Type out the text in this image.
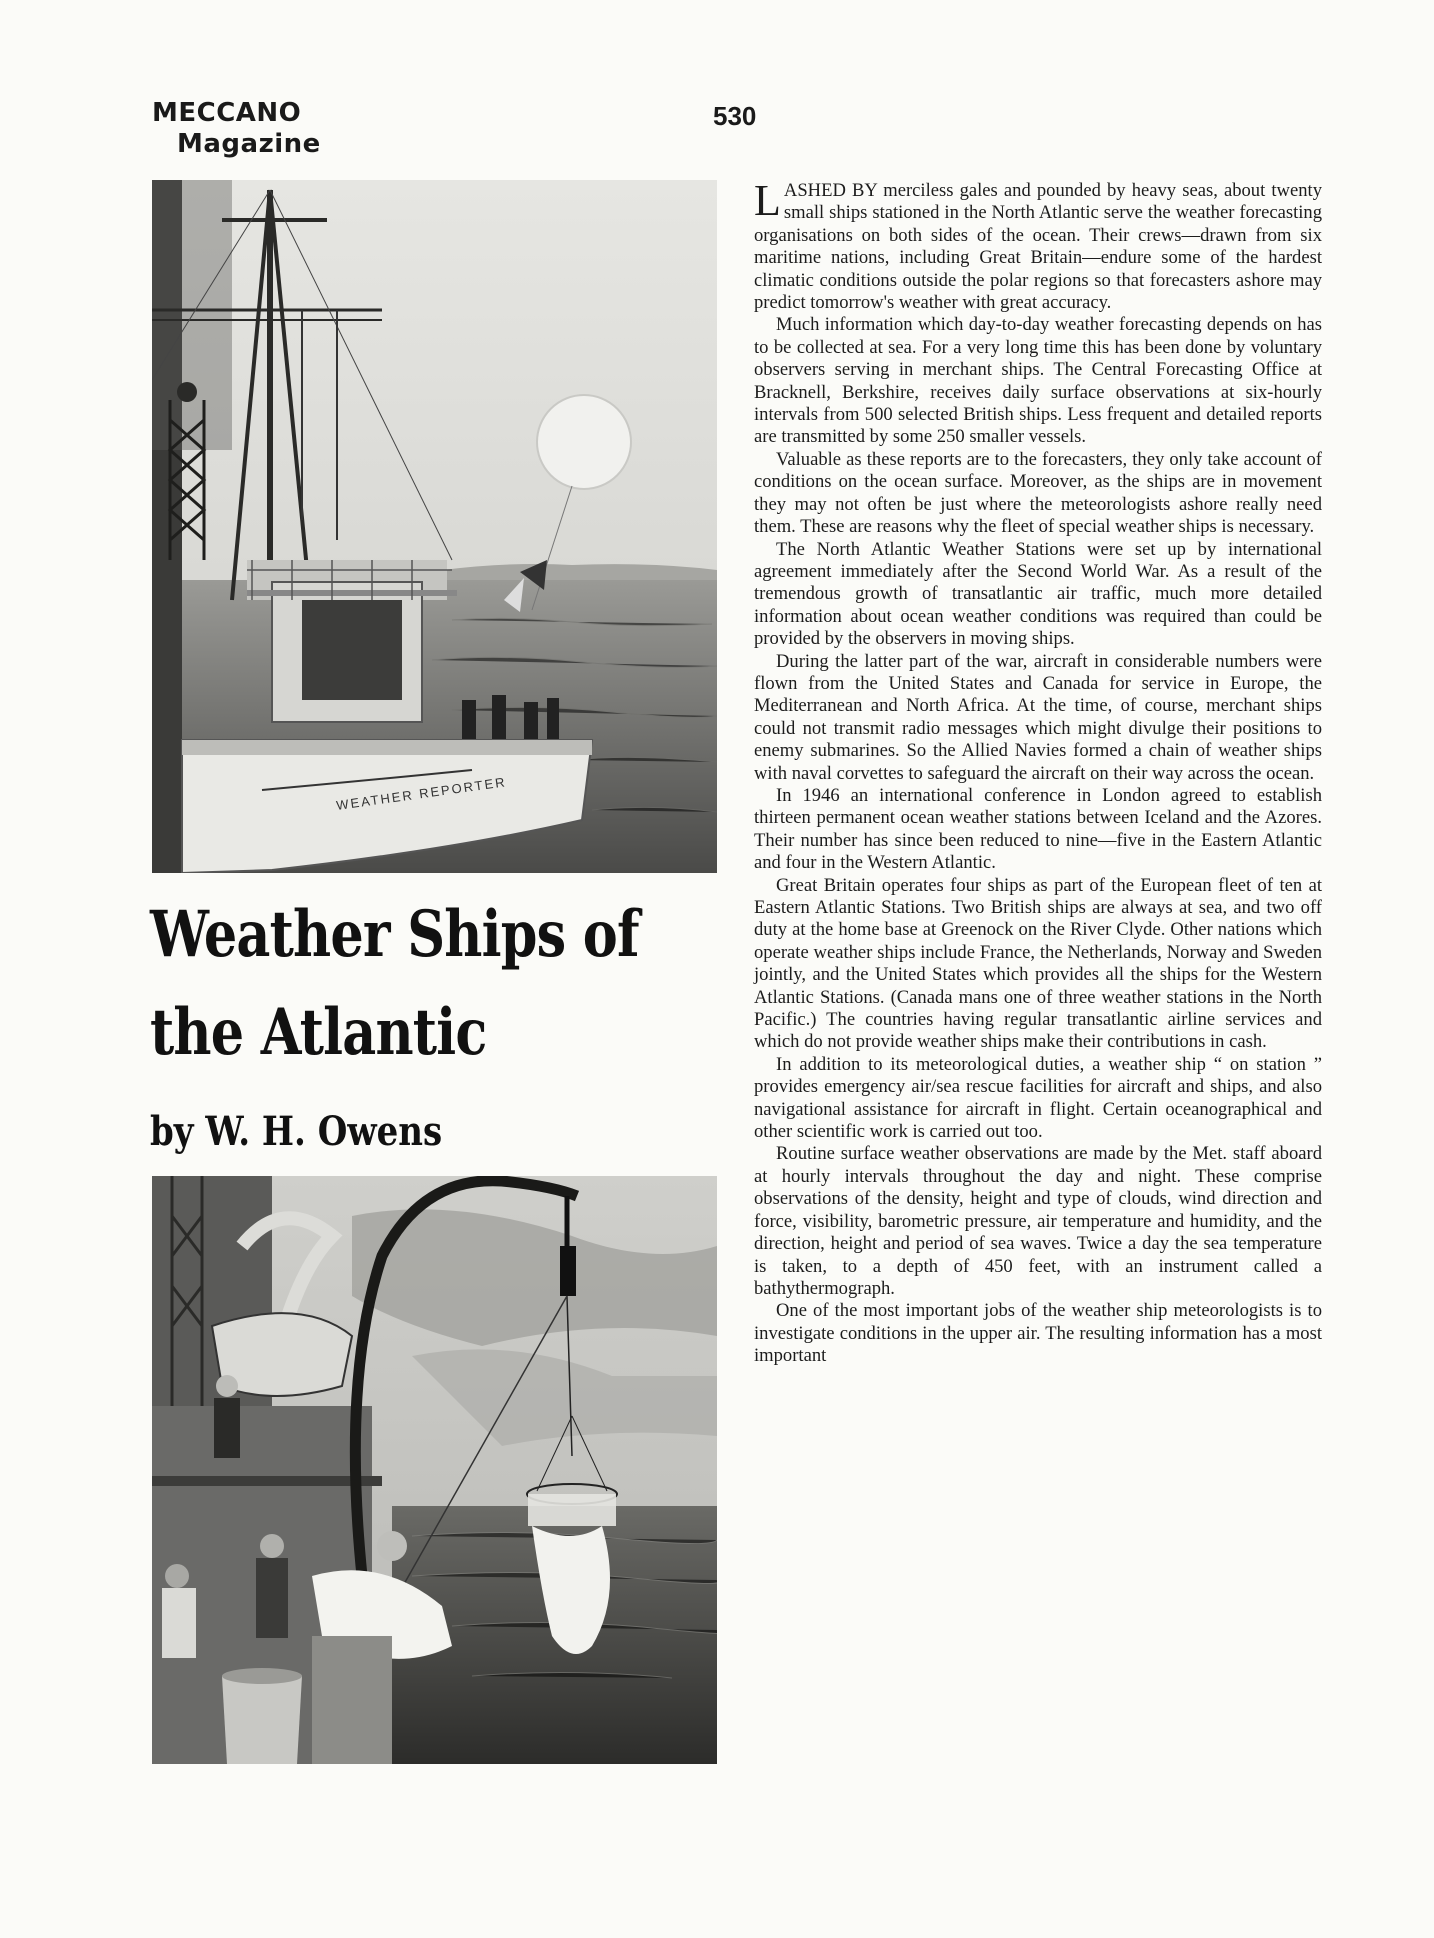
MECCANO
Magazine
530
WEATHER REPORTER
Weather Ships of
the Atlantic
by W. H. Owens

LASHED BY merciless gales and pounded by heavy seas, about twenty small ships stationed in the North Atlantic serve the weather forecasting organisations on both sides of the ocean. Their crews—drawn from six maritime nations, including Great Britain—endure some of the hardest climatic conditions outside the polar regions so that forecasters ashore may predict tomorrow's weather with great accuracy.

Much information which day-to-day weather forecasting depends on has to be collected at sea. For a very long time this has been done by voluntary observers serving in merchant ships. The Central Forecasting Office at Bracknell, Berkshire, receives daily surface observations at six-hourly intervals from 500 selected British ships. Less frequent and detailed reports are transmitted by some 250 smaller vessels.

Valuable as these reports are to the forecasters, they only take account of conditions on the ocean surface. Moreover, as the ships are in movement they may not often be just where the meteorologists ashore really need them. These are reasons why the fleet of special weather ships is necessary.

The North Atlantic Weather Stations were set up by international agreement immediately after the Second World War. As a result of the tremendous growth of transatlantic air traffic, much more detailed information about ocean weather conditions was required than could be provided by the observers in moving ships.

During the latter part of the war, aircraft in considerable numbers were flown from the United States and Canada for service in Europe, the Mediterranean and North Africa. At the time, of course, merchant ships could not transmit radio messages which might divulge their positions to enemy submarines. So the Allied Navies formed a chain of weather ships with naval corvettes to safeguard the aircraft on their way across the ocean.

In 1946 an international conference in London agreed to establish thirteen permanent ocean weather stations between Iceland and the Azores. Their number has since been reduced to nine—five in the Eastern Atlantic and four in the Western Atlantic.

Great Britain operates four ships as part of the European fleet of ten at Eastern Atlantic Stations. Two British ships are always at sea, and two off duty at the home base at Greenock on the River Clyde. Other nations which operate weather ships include France, the Netherlands, Norway and Sweden jointly, and the United States which provides all the ships for the Western Atlantic Stations. (Canada mans one of three weather stations in the North Pacific.) The countries having regular transatlantic airline services and which do not provide weather ships make their contributions in cash.

In addition to its meteorological duties, a weather ship “ on station ” provides emergency air/sea rescue facilities for aircraft and ships, and also navigational assistance for aircraft in flight. Certain oceanographical and other scientific work is carried out too.

Routine surface weather observations are made by the Met. staff aboard at hourly intervals throughout the day and night. These comprise observations of the density, height and type of clouds, wind direction and force, visibility, barometric pressure, air temperature and humidity, and the direction, height and period of sea waves. Twice a day the sea temperature is taken, to a depth of 450 feet, with an instrument called a bathythermograph.

One of the most important jobs of the weather ship meteorologists is to investigate conditions in the upper air. The resulting information has a most important
